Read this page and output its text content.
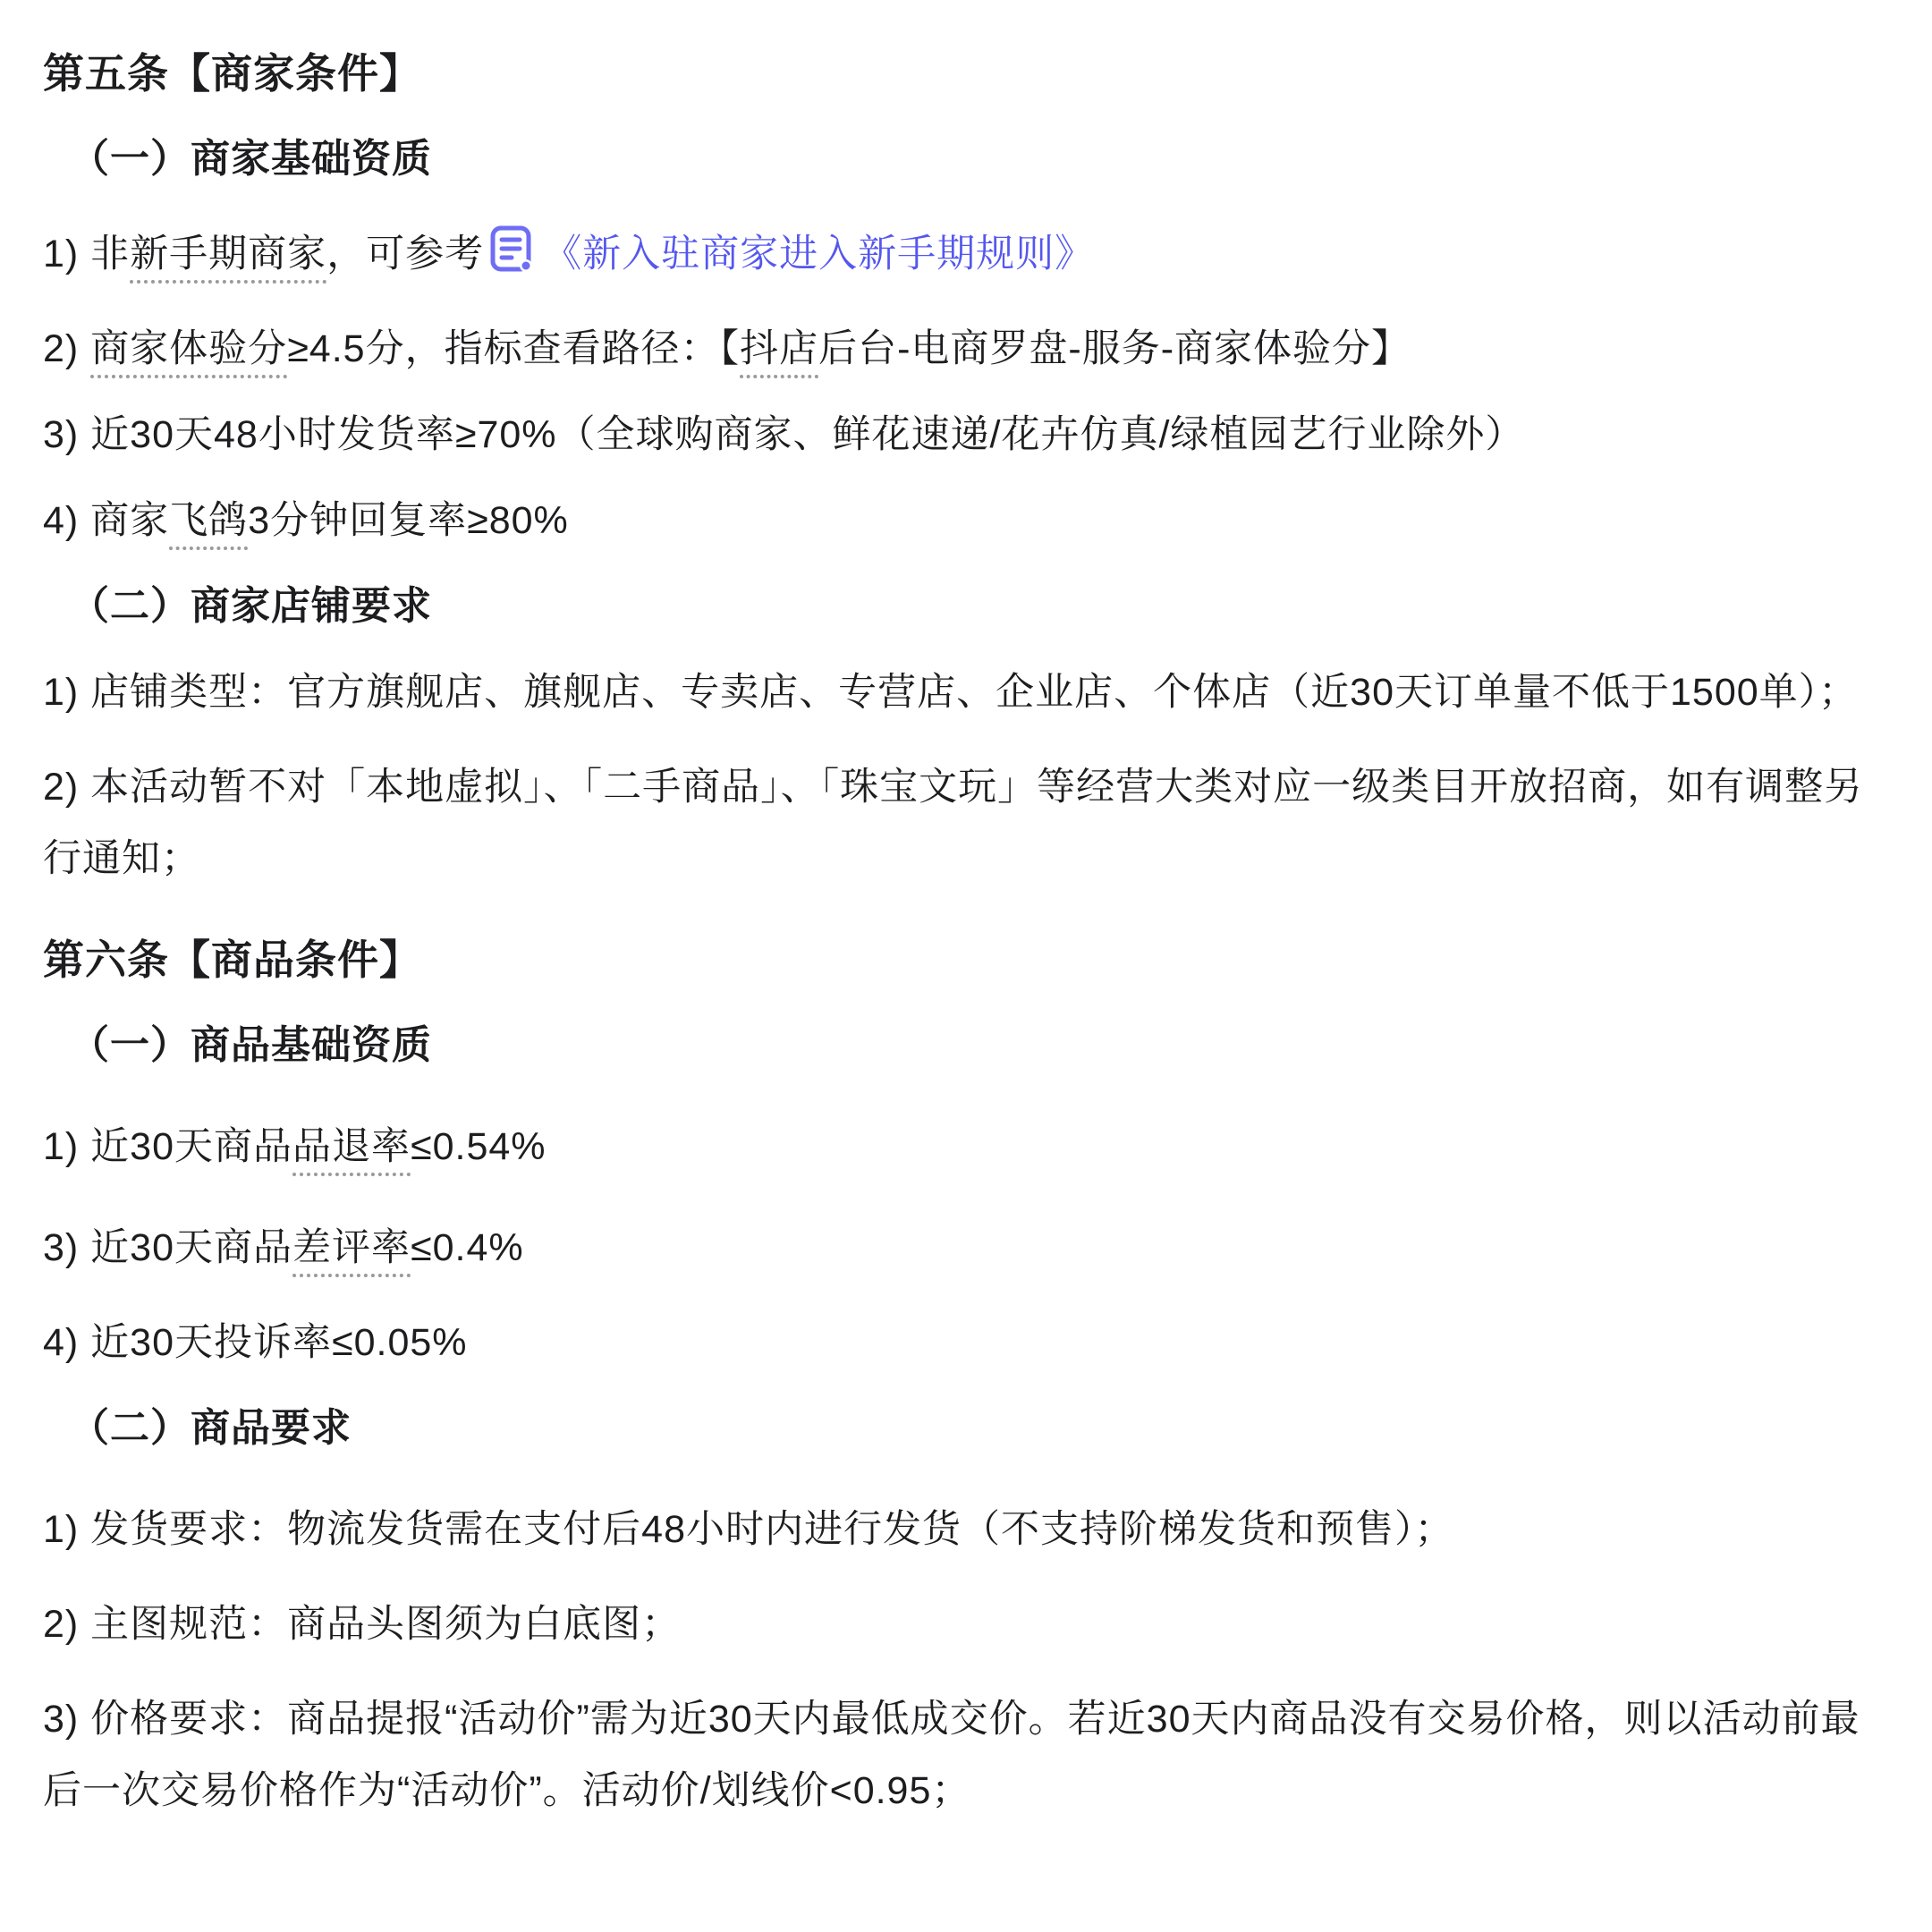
第五条【商家条件】

（一）商家基础资质

1) 非新手期商家，可参考 《新入驻商家进入新手期规则》

2) 商家体验分≥4.5分，指标查看路径：【抖店后台-电商罗盘-服务-商家体验分】

3) 近30天48小时发货率≥70%（全球购商家、鲜花速递/花卉仿真/绿植园艺行业除外）

4) 商家飞鸽3分钟回复率≥80%

（二）商家店铺要求

1) 店铺类型：官方旗舰店、旗舰店、专卖店、专营店、企业店、个体店（近30天订单量不低于1500单）；

2) 本活动暂不对「本地虚拟」、「二手商品」、「珠宝文玩」等经营大类对应一级类目开放招商，如有调整另行通知；

第六条【商品条件】

（一）商品基础资质

1) 近30天商品品退率≤0.54%

3) 近30天商品差评率≤0.4%

4) 近30天投诉率≤0.05%

（二）商品要求

1) 发货要求：物流发货需在支付后48小时内进行发货（不支持阶梯发货和预售）；

2) 主图规范：商品头图须为白底图；

3) 价格要求：商品提报“活动价”需为近30天内最低成交价。若近30天内商品没有交易价格，则以活动前最后一次交易价格作为“活动价”。活动价/划线价<0.95；
